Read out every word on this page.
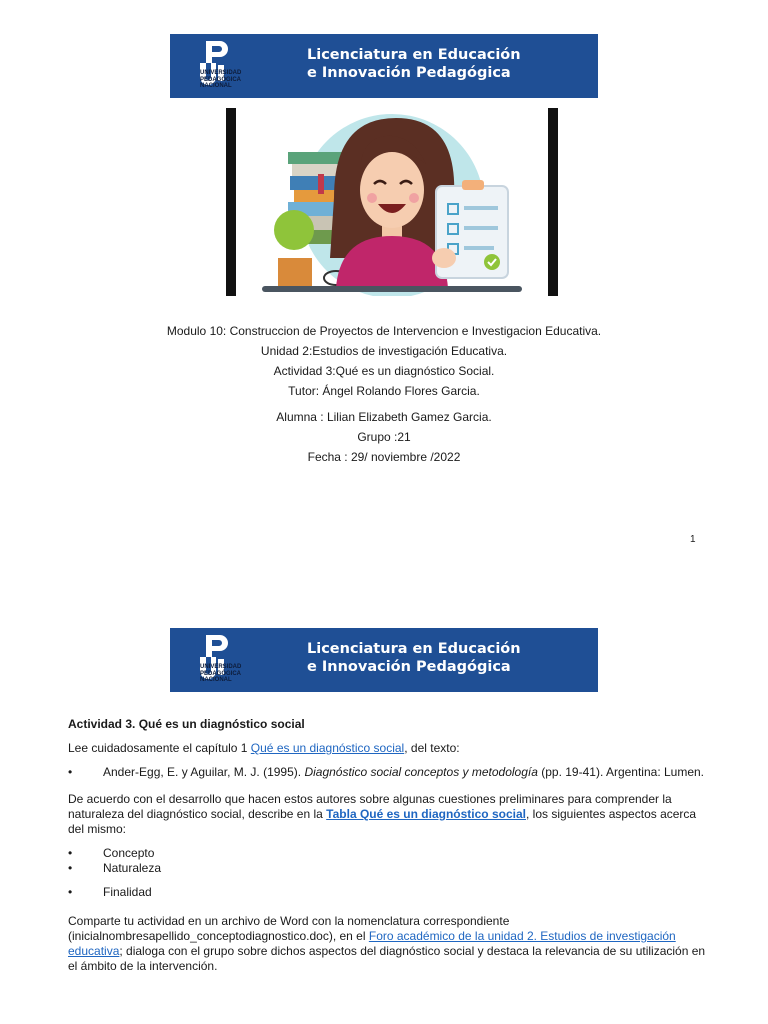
UNIVERSIDAD
PEDAGÓGICA
NACIONAL
Licenciatura en Educación
e Innovación Pedagógica
Modulo 10: Construccion de Proyectos de Intervencion e Investigacion Educativa.
Unidad 2:Estudios de investigación Educativa.
Actividad 3:Qué es un diagnóstico Social.
Tutor: Ángel Rolando Flores Garcia.
Alumna : Lilian Elizabeth Gamez Garcia.
Grupo :21
Fecha : 29/ noviembre /2022
1
UNIVERSIDAD
PEDAGÓGICA
NACIONAL
Licenciatura en Educación
e Innovación Pedagógica
Actividad 3. Qué es un diagnóstico social
Lee cuidadosamente el capítulo 1 Qué es un diagnóstico social, del texto:
•	Ander-Egg, E. y Aguilar, M. J. (1995). Diagnóstico social conceptos y metodología (pp. 19-41). Argentina: Lumen.
De acuerdo con el desarrollo que hacen estos autores sobre algunas cuestiones preliminares para comprender la naturaleza del diagnóstico social, describe en la Tabla Qué es un diagnóstico social, los siguientes aspectos acerca del mismo:
•	Concepto
•	Naturaleza
•	Finalidad
Comparte tu actividad en un archivo de Word con la nomenclatura correspondiente (inicialnombresapellido_conceptodiagnostico.doc), en el Foro académico de la unidad 2. Estudios de investigación educativa; dialoga con el grupo sobre dichos aspectos del diagnóstico social y destaca la relevancia de su utilización en el ámbito de la intervención.
